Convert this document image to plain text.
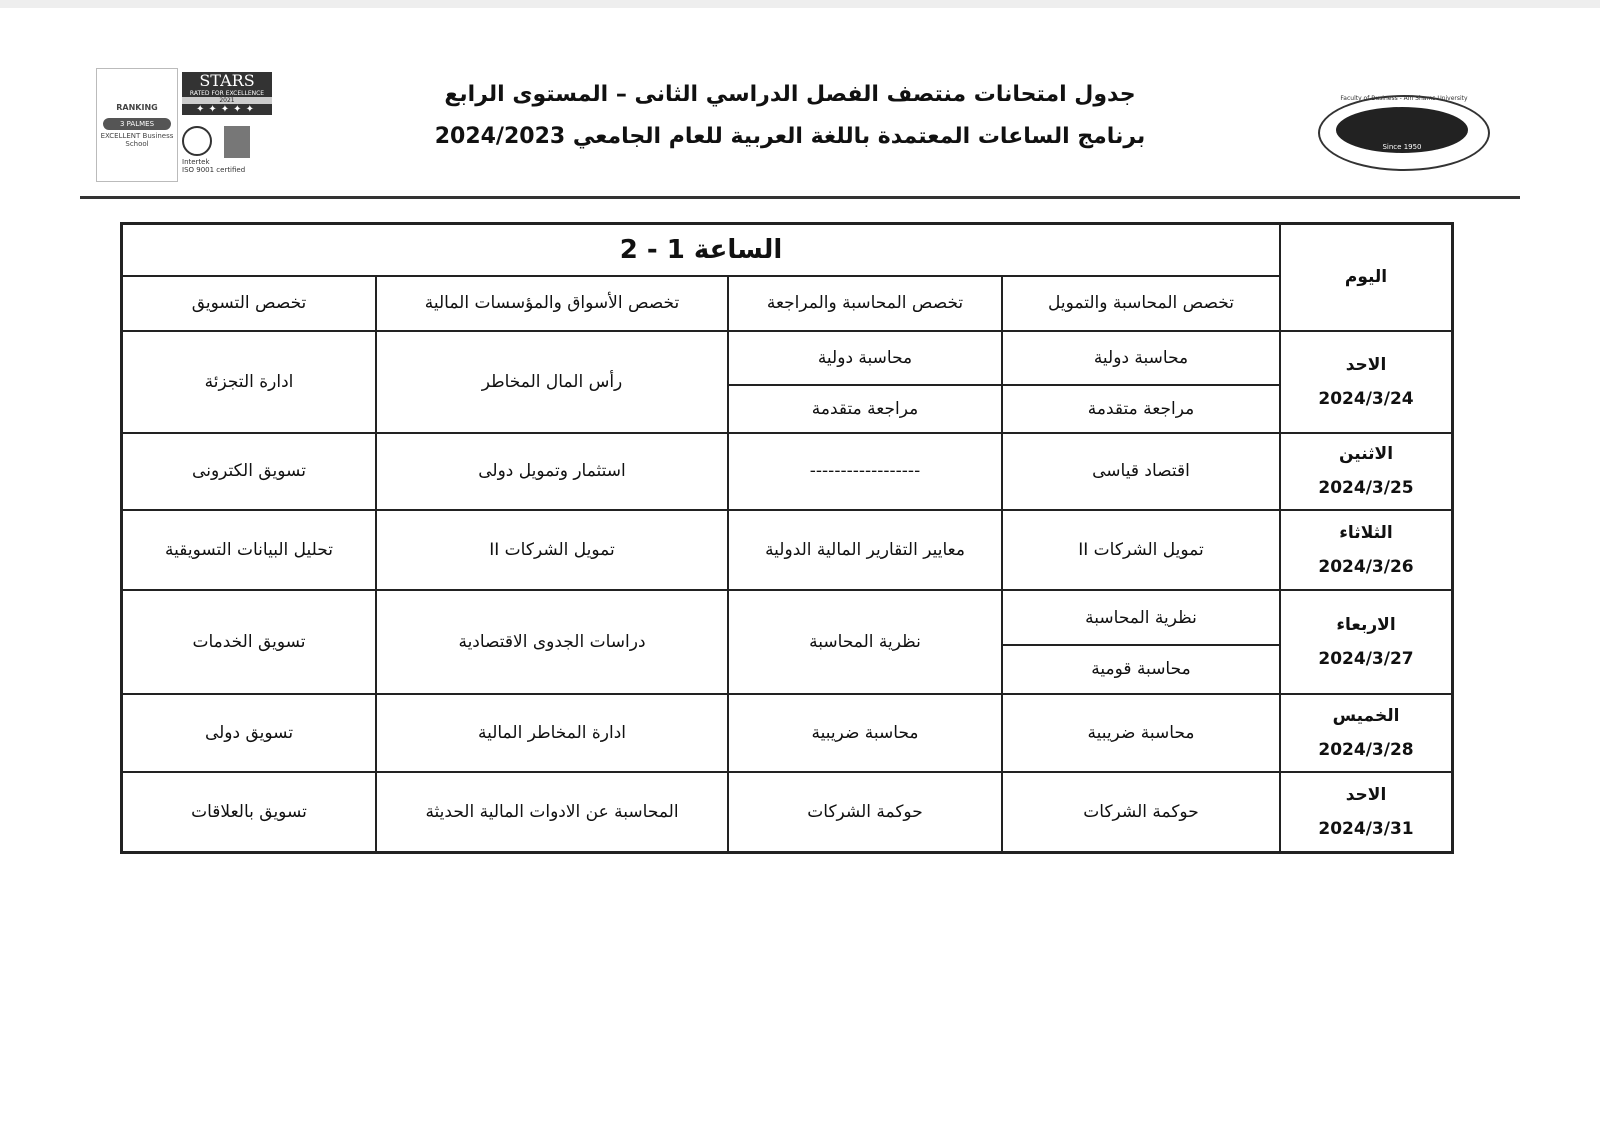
RANKING
3 PALMES
EXCELLENT Business School
STARS
RATED FOR EXCELLENCE
2021
✦✦✦✦✦
Intertek
ISO 9001 certified
Faculty of Business - Ain Shams University
Since 1950
جدول امتحانات منتصف الفصل الدراسي الثانى – المستوى الرابع
برنامج الساعات المعتمدة باللغة العربية للعام الجامعي 2024/2023
اليوم	الساعة 1 - 2			
	تخصص المحاسبة والتمويل	تخصص المحاسبة والمراجعة	تخصص الأسواق والمؤسسات المالية	تخصص التسويق

الاحد
2024/3/24	محاسبة دولية	محاسبة دولية	رأس المال المخاطر	ادارة التجزئة
	مراجعة متقدمة	مراجعة متقدمة		

الاثنين
2024/3/25	اقتصاد قياسى	------------------	استثمار وتمويل دولى	تسويق الكترونى

الثلاثاء
2024/3/26	تمويل الشركات II	معايير التقارير المالية الدولية	تمويل الشركات II	تحليل البيانات التسويقية

الاربعاء
2024/3/27	نظرية المحاسبة	نظرية المحاسبة	دراسات الجدوى الاقتصادية	تسويق الخدمات
	محاسبة قومية			

الخميس
2024/3/28	محاسبة ضريبية	محاسبة ضريبية	ادارة المخاطر المالية	تسويق دولى

الاحد
2024/3/31	حوكمة الشركات	حوكمة الشركات	المحاسبة عن الادوات المالية الحديثة	تسويق بالعلاقات
